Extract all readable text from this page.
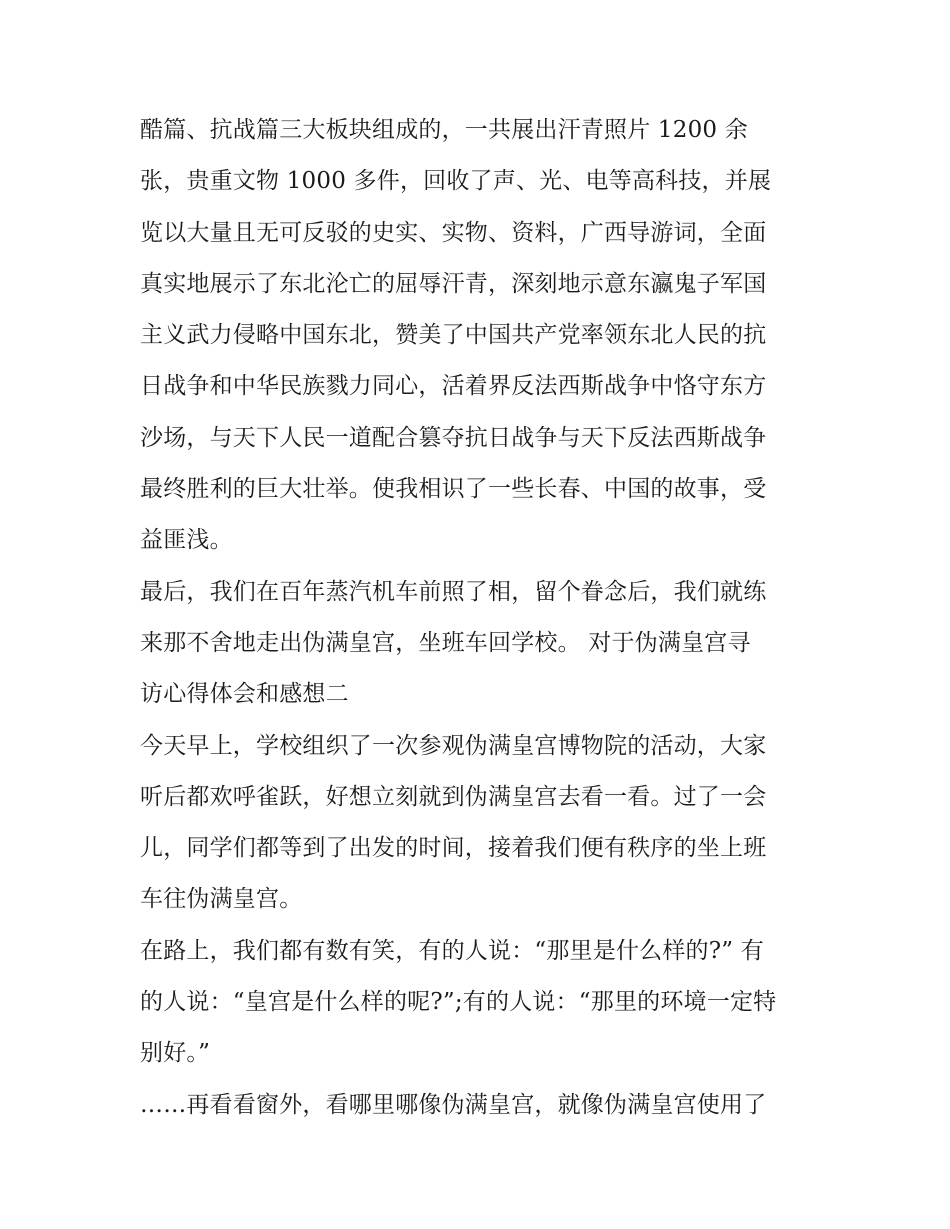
酷篇、抗战篇三大板块组成的，一共展出汗青照片 1200 余
张，贵重文物 1000 多件，回收了声、光、电等高科技，并展
览以大量且无可反驳的史实、实物、资料，广西导游词，全面
真实地展示了东北沦亡的屈辱汗青，深刻地示意东瀛鬼子军国
主义武力侵略中国东北，赞美了中国共产党率领东北人民的抗
日战争和中华民族戮力同心，活着界反法西斯战争中恪守东方
沙场，与天下人民一道配合篡夺抗日战争与天下反法西斯战争
最终胜利的巨大壮举。使我相识了一些长春、中国的故事，受
益匪浅。
最后，我们在百年蒸汽机车前照了相，留个眷念后，我们就练
来那不舍地走出伪满皇宫，坐班车回学校。 对于伪满皇宫寻
访心得体会和感想二
今天早上，学校组织了一次参观伪满皇宫博物院的活动，大家
听后都欢呼雀跃，好想立刻就到伪满皇宫去看一看。过了一会
儿，同学们都等到了出发的时间，接着我们便有秩序的坐上班
车往伪满皇宫。
在路上，我们都有数有笑，有的人说：“那里是什么样的?” 有
的人说：“皇宫是什么样的呢?”;有的人说：“那里的环境一定特
别好。”
……再看看窗外，看哪里哪像伪满皇宫，就像伪满皇宫使用了
